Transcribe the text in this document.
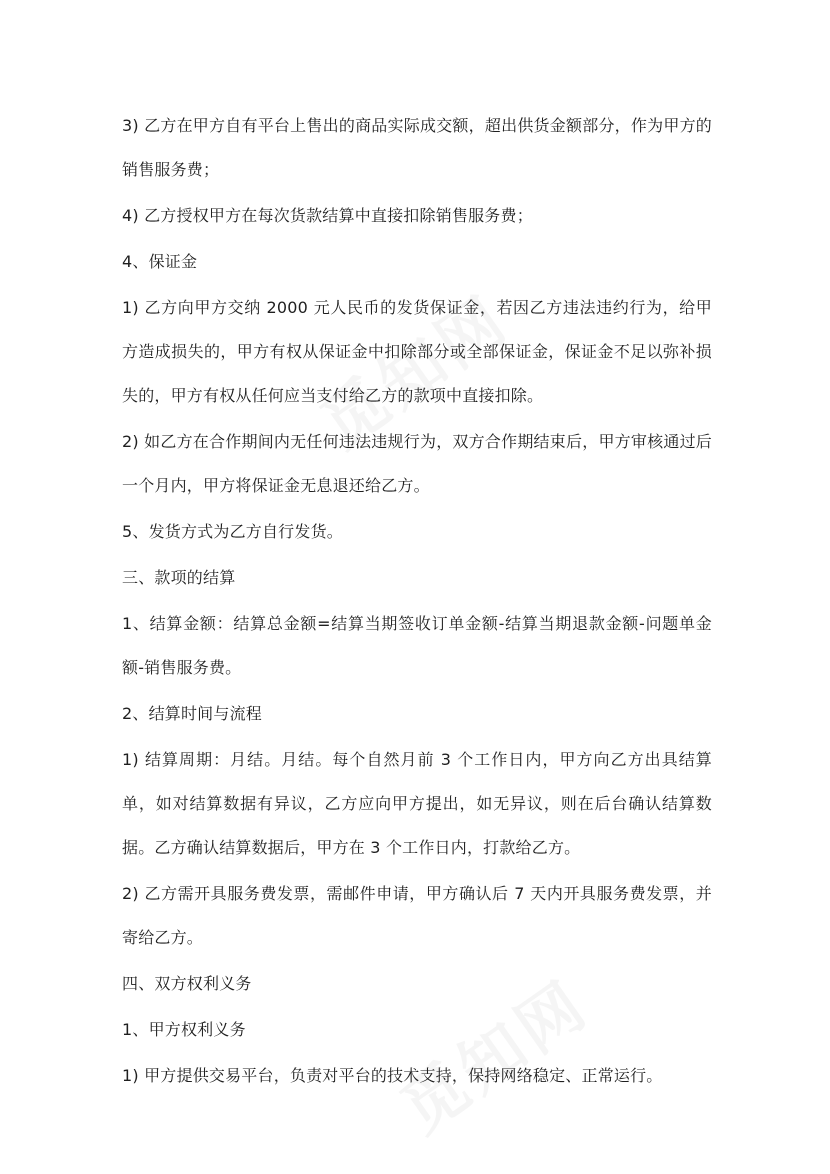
3) 乙方在甲方自有平台上售出的商品实际成交额，超出供货金额部分，作为甲方的销售服务费；

4) 乙方授权甲方在每次货款结算中直接扣除销售服务费；

4、保证金

1) 乙方向甲方交纳 2000 元人民币的发货保证金，若因乙方违法违约行为，给甲方造成损失的，甲方有权从保证金中扣除部分或全部保证金，保证金不足以弥补损失的，甲方有权从任何应当支付给乙方的款项中直接扣除。

2) 如乙方在合作期间内无任何违法违规行为，双方合作期结束后，甲方审核通过后一个月内，甲方将保证金无息退还给乙方。

5、发货方式为乙方自行发货。

三、款项的结算

1、结算金额：结算总金额=结算当期签收订单金额-结算当期退款金额-问题单金额-销售服务费。

2、结算时间与流程

1) 结算周期：月结。月结。每个自然月前 3 个工作日内，甲方向乙方出具结算单，如对结算数据有异议，乙方应向甲方提出，如无异议，则在后台确认结算数据。乙方确认结算数据后，甲方在 3 个工作日内，打款给乙方。

2) 乙方需开具服务费发票，需邮件申请，甲方确认后 7 天内开具服务费发票，并寄给乙方。

四、双方权利义务

1、甲方权利义务

1) 甲方提供交易平台，负责对平台的技术支持，保持网络稳定、正常运行。
